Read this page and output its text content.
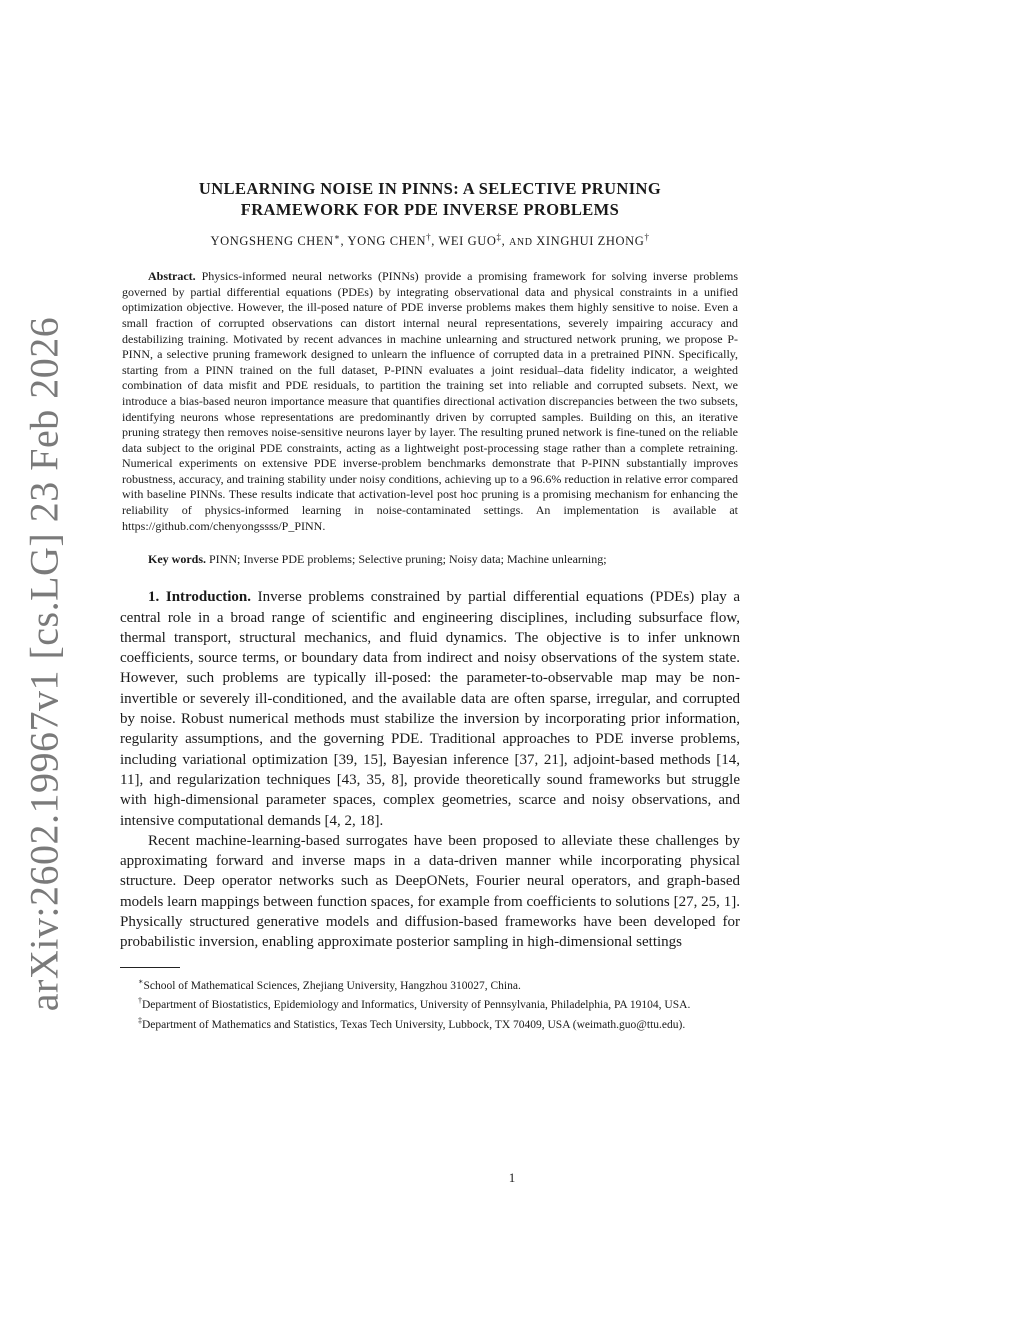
arXiv:2602.19967v1 [cs.LG] 23 Feb 2026
UNLEARNING NOISE IN PINNS: A SELECTIVE PRUNING
FRAMEWORK FOR PDE INVERSE PROBLEMS
YONGSHENG CHEN∗, YONG CHEN†, WEI GUO‡, AND XINGHUI ZHONG†
Abstract. Physics-informed neural networks (PINNs) provide a promising framework for solving inverse problems governed by partial differential equations (PDEs) by integrating observational data and physical constraints in a unified optimization objective. However, the ill-posed nature of PDE inverse problems makes them highly sensitive to noise. Even a small fraction of corrupted observations can distort internal neural representations, severely impairing accuracy and destabilizing training. Motivated by recent advances in machine unlearning and structured network pruning, we propose P-PINN, a selective pruning framework designed to unlearn the influence of corrupted data in a pretrained PINN. Specifically, starting from a PINN trained on the full dataset, P-PINN evaluates a joint residual–data fidelity indicator, a weighted combination of data misfit and PDE residuals, to partition the training set into reliable and corrupted subsets. Next, we introduce a bias-based neuron importance measure that quantifies directional activation discrepancies between the two subsets, identifying neurons whose representations are predominantly driven by corrupted samples. Building on this, an iterative pruning strategy then removes noise-sensitive neurons layer by layer. The resulting pruned network is fine-tuned on the reliable data subject to the original PDE constraints, acting as a lightweight post-processing stage rather than a complete retraining. Numerical experiments on extensive PDE inverse-problem benchmarks demonstrate that P-PINN substantially improves robustness, accuracy, and training stability under noisy conditions, achieving up to a 96.6% reduction in relative error compared with baseline PINNs. These results indicate that activation-level post hoc pruning is a promising mechanism for enhancing the reliability of physics-informed learning in noise-contaminated settings. An implementation is available at https://github.com/chenyongssss/P_PINN.
Key words. PINN; Inverse PDE problems; Selective pruning; Noisy data; Machine unlearning;

1. Introduction. Inverse problems constrained by partial differential equations (PDEs) play a central role in a broad range of scientific and engineering disciplines, including subsurface flow, thermal transport, structural mechanics, and fluid dynamics. The objective is to infer unknown coefficients, source terms, or boundary data from indirect and noisy observations of the system state. However, such problems are typically ill-posed: the parameter-to-observable map may be non-invertible or severely ill-conditioned, and the available data are often sparse, irregular, and corrupted by noise. Robust numerical methods must stabilize the inversion by incorporating prior information, regularity assumptions, and the governing PDE. Traditional approaches to PDE inverse problems, including variational optimization [39, 15], Bayesian inference [37, 21], adjoint-based methods [14, 11], and regularization techniques [43, 35, 8], provide theoretically sound frameworks but struggle with high-dimensional parameter spaces, complex geometries, scarce and noisy observations, and intensive computational demands [4, 2, 18].

Recent machine-learning-based surrogates have been proposed to alleviate these challenges by approximating forward and inverse maps in a data-driven manner while incorporating physical structure. Deep operator networks such as DeepONets, Fourier neural operators, and graph-based models learn mappings between function spaces, for example from coefficients to solutions [27, 25, 1]. Physically structured generative models and diffusion-based frameworks have been developed for probabilistic inversion, enabling approximate posterior sampling in high-dimensional settings

∗School of Mathematical Sciences, Zhejiang University, Hangzhou 310027, China.

†Department of Biostatistics, Epidemiology and Informatics, University of Pennsylvania, Philadelphia, PA 19104, USA.

‡Department of Mathematics and Statistics, Texas Tech University, Lubbock, TX 70409, USA (weimath.guo@ttu.edu).

1
